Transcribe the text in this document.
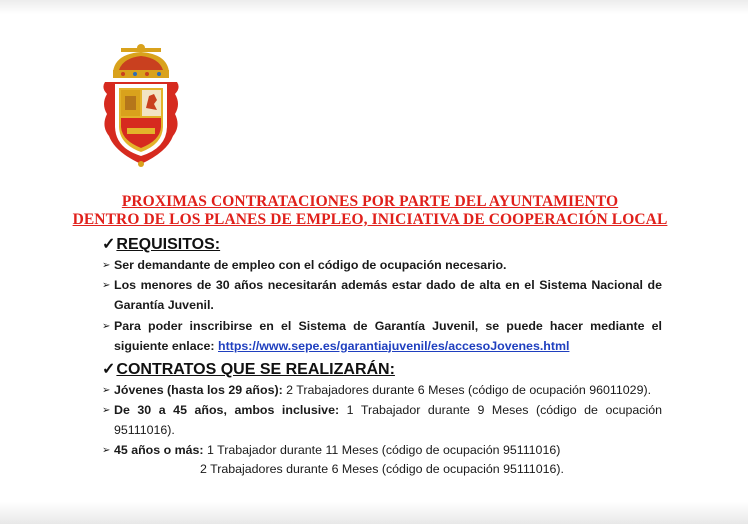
PROXIMAS CONTRATACIONES POR PARTE DEL AYUNTAMIENTO
DENTRO DE LOS PLANES DE EMPLEO, INICIATIVA DE COOPERACIÓN LOCAL
✓REQUISITOS:
➢ Ser demandante de empleo con el código de ocupación necesario.
➢ Los menores de 30 años necesitarán además estar dado de alta en el Sistema Nacional de Garantía Juvenil.
➢ Para poder inscribirse en el Sistema de Garantía Juvenil, se puede hacer mediante el siguiente enlace: https://www.sepe.es/garantiajuvenil/es/accesoJovenes.html
✓CONTRATOS QUE SE REALIZARÁN:
➢ Jóvenes (hasta los 29 años): 2 Trabajadores durante 6 Meses (código de ocupación 96011029).
➢ De 30 a 45 años, ambos inclusive: 1 Trabajador durante 9 Meses (código de ocupación 95111016).
➢ 45 años o más: 1 Trabajador durante 11 Meses (código de ocupación 95111016)
2 Trabajadores durante 6 Meses (código de ocupación 95111016).
